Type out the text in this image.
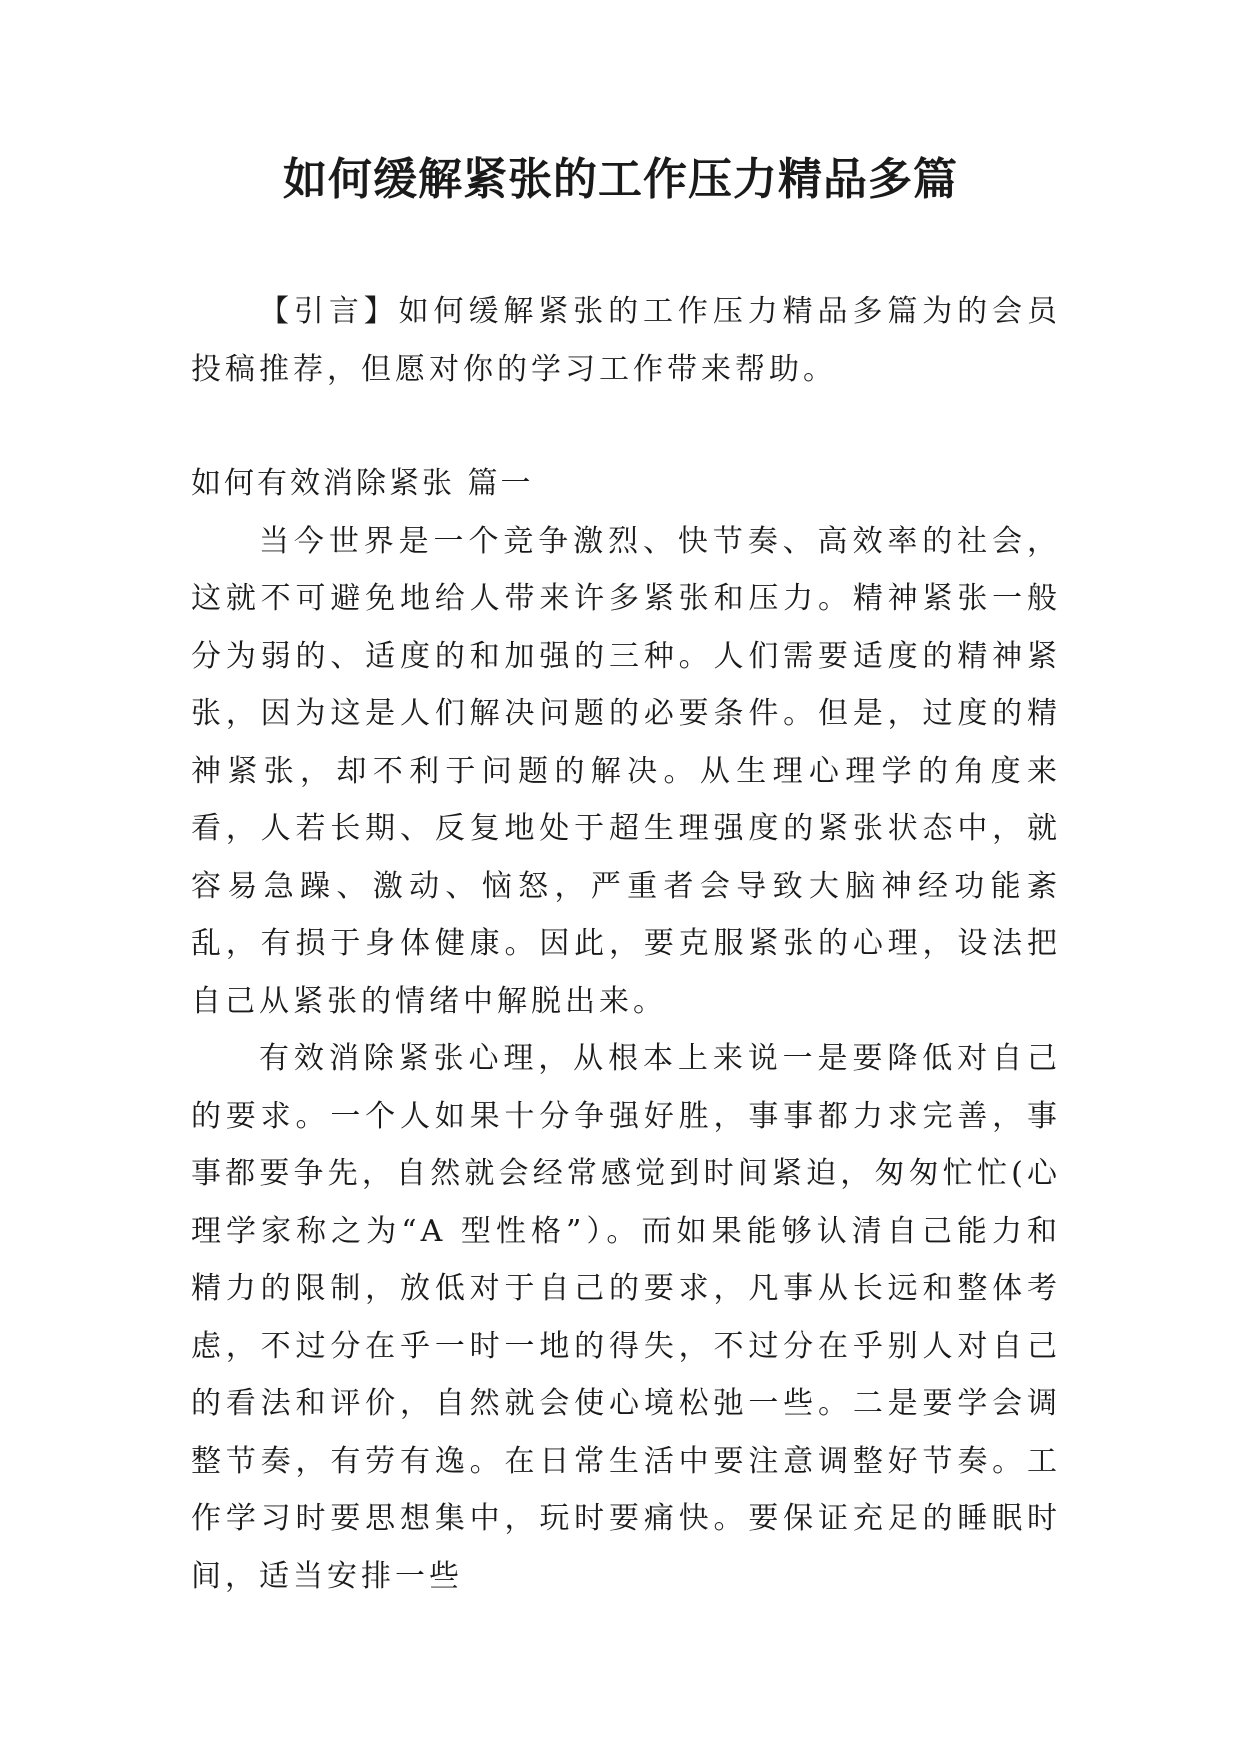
如何缓解紧张的工作压力精品多篇

【引言】如何缓解紧张的工作压力精品多篇为的会员投稿推荐，但愿对你的学习工作带来帮助。

如何有效消除紧张 篇一

当今世界是一个竞争激烈、快节奏、高效率的社会，这就不可避免地给人带来许多紧张和压力。精神紧张一般分为弱的、适度的和加强的三种。人们需要适度的精神紧张，因为这是人们解决问题的必要条件。但是，过度的精神紧张，却不利于问题的解决。从生理心理学的角度来看，人若长期、反复地处于超生理强度的紧张状态中，就容易急躁、激动、恼怒，严重者会导致大脑神经功能紊乱，有损于身体健康。因此，要克服紧张的心理，设法把自己从紧张的情绪中解脱出来。

有效消除紧张心理，从根本上来说一是要降低对自己的要求。一个人如果十分争强好胜，事事都力求完善，事事都要争先，自然就会经常感觉到时间紧迫，匆匆忙忙(心理学家称之为“A 型性格”）。而如果能够认清自己能力和精力的限制，放低对于自己的要求，凡事从长远和整体考虑，不过分在乎一时一地的得失，不过分在乎别人对自己的看法和评价，自然就会使心境松弛一些。二是要学会调整节奏，有劳有逸。在日常生活中要注意调整好节奏。工作学习时要思想集中，玩时要痛快。要保证充足的睡眠时间，适当安排一些
